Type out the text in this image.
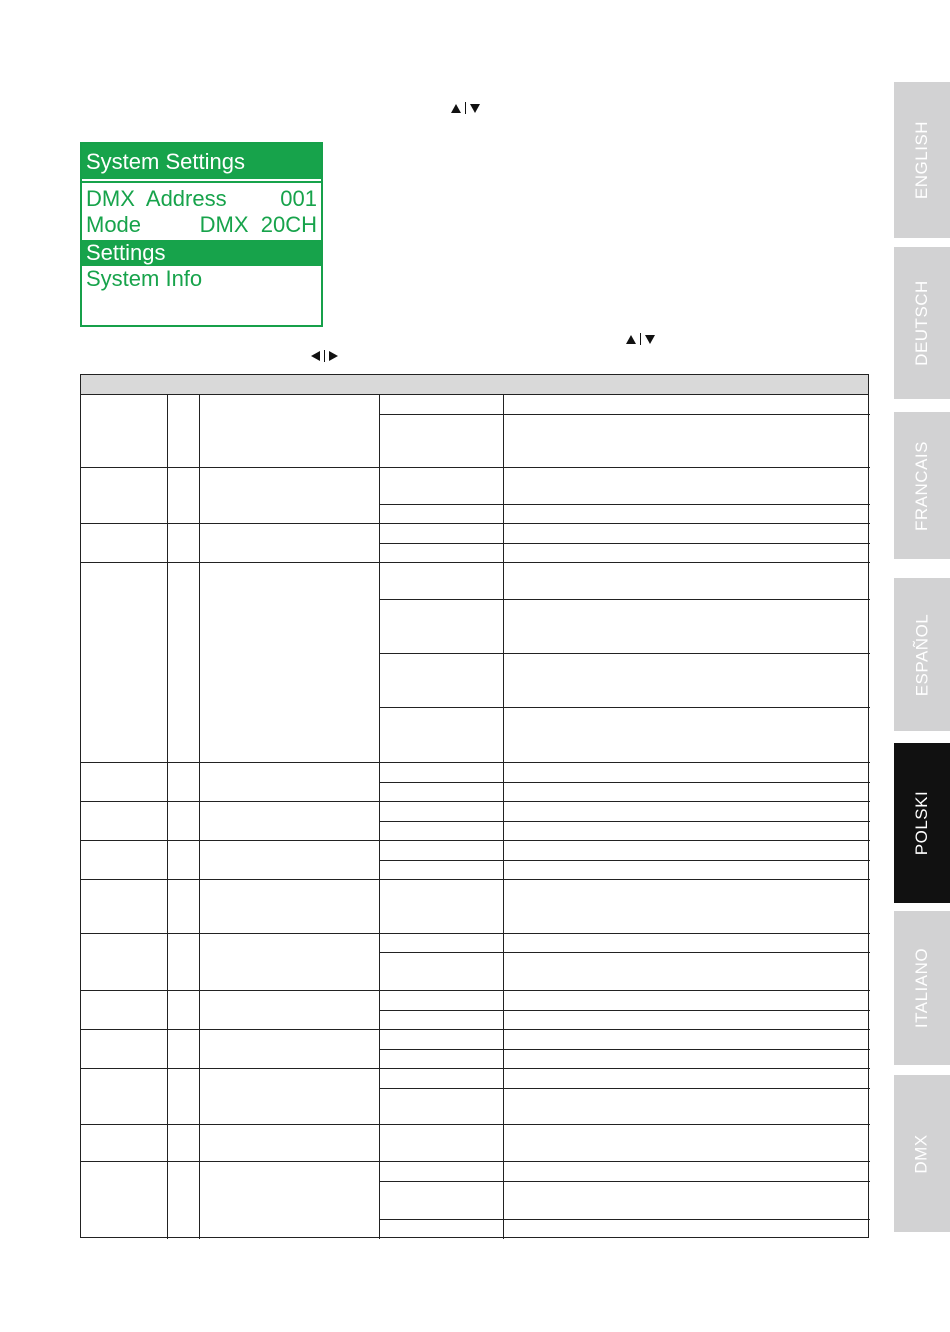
System Settings
DMX  Address 001
Mode	DMX  20CH
Settings
System Info
ENGLISH
DEUTSCH
FRANCAIS
ESPAÑOL
POLSKI
ITALIANO
DMX
